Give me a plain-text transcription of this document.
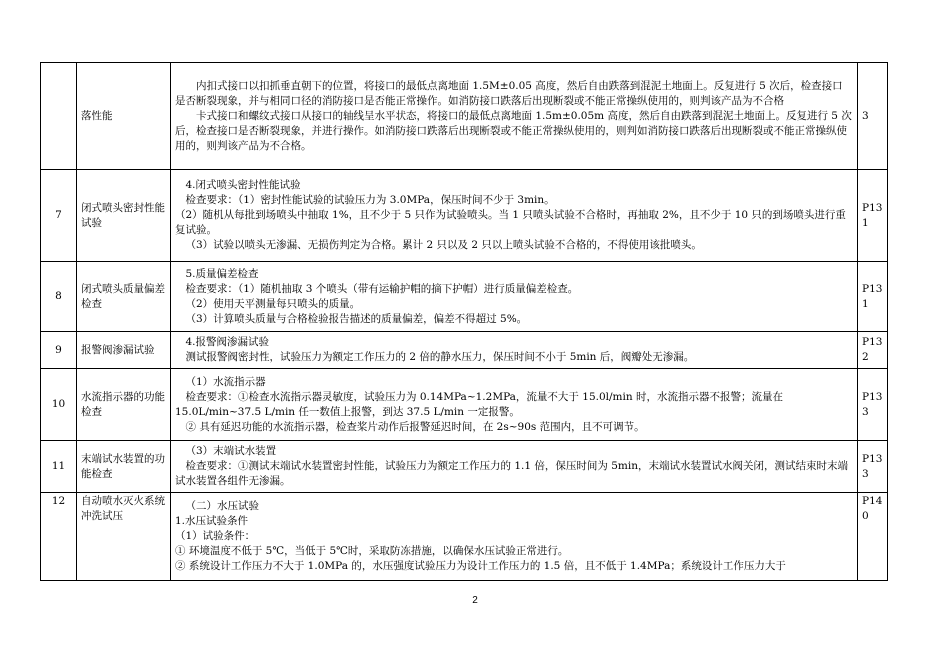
	落性能	内扣式接口以扣抓垂直朝下的位置，将接口的最低点离地面 1.5M±0.05 高度，然后自由跌落到混泥土地面上。反复进行 5 次后，检查接口是否断裂现象，并与相同口径的消防接口是否能正常操作。如消防接口跌落后出现断裂或不能正常操纵使用的，则判该产品为不合格

卡式接口和螺纹式接口从接口的轴线呈水平状态，将接口的最低点离地面 1.5m±0.05m 高度，然后自由跌落到混泥土地面上。反复进行 5 次后，检查接口是否断裂现象，并进行操作。如消防接口跌落后出现断裂或不能正常操纵使用的，则判如消防接口跌落后出现断裂或不能正常操纵使用的，则判该产品为不合格。	3
7	闭式喷头密封性能试验	4.闭式喷头密封性能试验

检查要求：（1）密封性能试验的试验压力为 3.0MPa，保压时间不少于 3min。

（2）随机从每批到场喷头中抽取 1%，且不少于 5 只作为试验喷头。当 1 只喷头试验不合格时，再抽取 2%，且不少于 10 只的到场喷头进行重复试验。

（3）试验以喷头无渗漏、无损伤判定为合格。累计 2 只以及 2 只以上喷头试验不合格的，不得使用该批喷头。	P131
8	闭式喷头质量偏差检查	5.质量偏差检查

检查要求：（1）随机抽取 3 个喷头（带有运输护帽的摘下护帽）进行质量偏差检查。

（2）使用天平测量每只喷头的质量。

（3）计算喷头质量与合格检验报告描述的质量偏差，偏差不得超过 5%。	P131
9	报警阀渗漏试验	4.报警阀渗漏试验

测试报警阀密封性，试验压力为额定工作压力的 2 倍的静水压力，保压时间不小于 5min 后，阀瓣处无渗漏。	P132
10	水流指示器的功能检查	（1）水流指示器

检查要求：①检查水流指示器灵敏度，试验压力为 0.14MPa~1.2MPa，流量不大于 15.0l/min 时，水流指示器不报警；流量在 15.0L/min~37.5 L/min 任一数值上报警，到达 37.5 L/min 一定报警。

② 具有延迟功能的水流指示器，检查桨片动作后报警延迟时间，在 2s~90s 范围内，且不可调节。	P133
11	末端试水装置的功能检查	（3）末端试水装置

检查要求：①测试末端试水装置密封性能，试验压力为额定工作压力的 1.1 倍，保压时间为 5min，末端试水装置试水阀关闭，测试结束时末端试水装置各组件无渗漏。	P133
12	自动喷水灭火系统冲洗试压	（二）水压试验

1.水压试验条件

（1）试验条件：

① 环境温度不低于 5℃，当低于 5℃时，采取防冻措施，以确保水压试验正常进行。

② 系统设计工作压力不大于 1.0MPa 的，水压强度试验压力为设计工作压力的 1.5 倍，且不低于 1.4MPa；系统设计工作压力大于	P140
2
